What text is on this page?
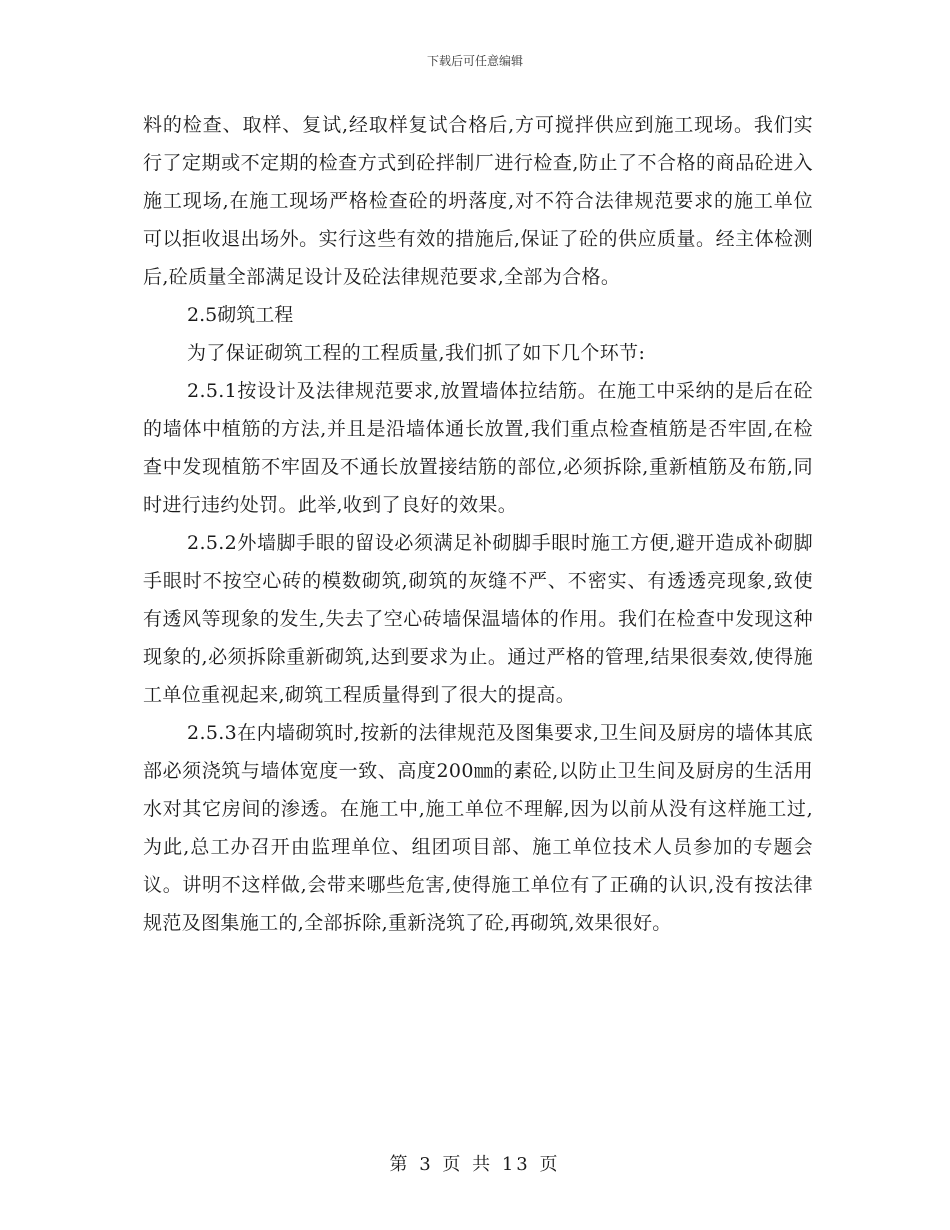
下载后可任意编辑

料的检查、取样、复试,经取样复试合格后,方可搅拌供应到施工现场。我们实行了定期或不定期的检查方式到砼拌制厂进行检查,防止了不合格的商品砼进入施工现场,在施工现场严格检查砼的坍落度,对不符合法律规范要求的施工单位可以拒收退出场外。实行这些有效的措施后,保证了砼的供应质量。经主体检测后,砼质量全部满足设计及砼法律规范要求,全部为合格。

2.5砌筑工程

为了保证砌筑工程的工程质量,我们抓了如下几个环节:

2.5.1按设计及法律规范要求,放置墙体拉结筋。在施工中采纳的是后在砼的墙体中植筋的方法,并且是沿墙体通长放置,我们重点检查植筋是否牢固,在检查中发现植筋不牢固及不通长放置接结筋的部位,必须拆除,重新植筋及布筋,同时进行违约处罚。此举,收到了良好的效果。

2.5.2外墙脚手眼的留设必须满足补砌脚手眼时施工方便,避开造成补砌脚手眼时不按空心砖的模数砌筑,砌筑的灰缝不严、不密实、有透透亮现象,致使有透风等现象的发生,失去了空心砖墙保温墙体的作用。我们在检查中发现这种现象的,必须拆除重新砌筑,达到要求为止。通过严格的管理,结果很奏效,使得施工单位重视起来,砌筑工程质量得到了很大的提高。

2.5.3在内墙砌筑时,按新的法律规范及图集要求,卫生间及厨房的墙体其底部必须浇筑与墙体宽度一致、高度200㎜的素砼,以防止卫生间及厨房的生活用水对其它房间的渗透。在施工中,施工单位不理解,因为以前从没有这样施工过,为此,总工办召开由监理单位、组团项目部、施工单位技术人员参加的专题会议。讲明不这样做,会带来哪些危害,使得施工单位有了正确的认识,没有按法律规范及图集施工的,全部拆除,重新浇筑了砼,再砌筑,效果很好。

第 3 页 共 13 页
